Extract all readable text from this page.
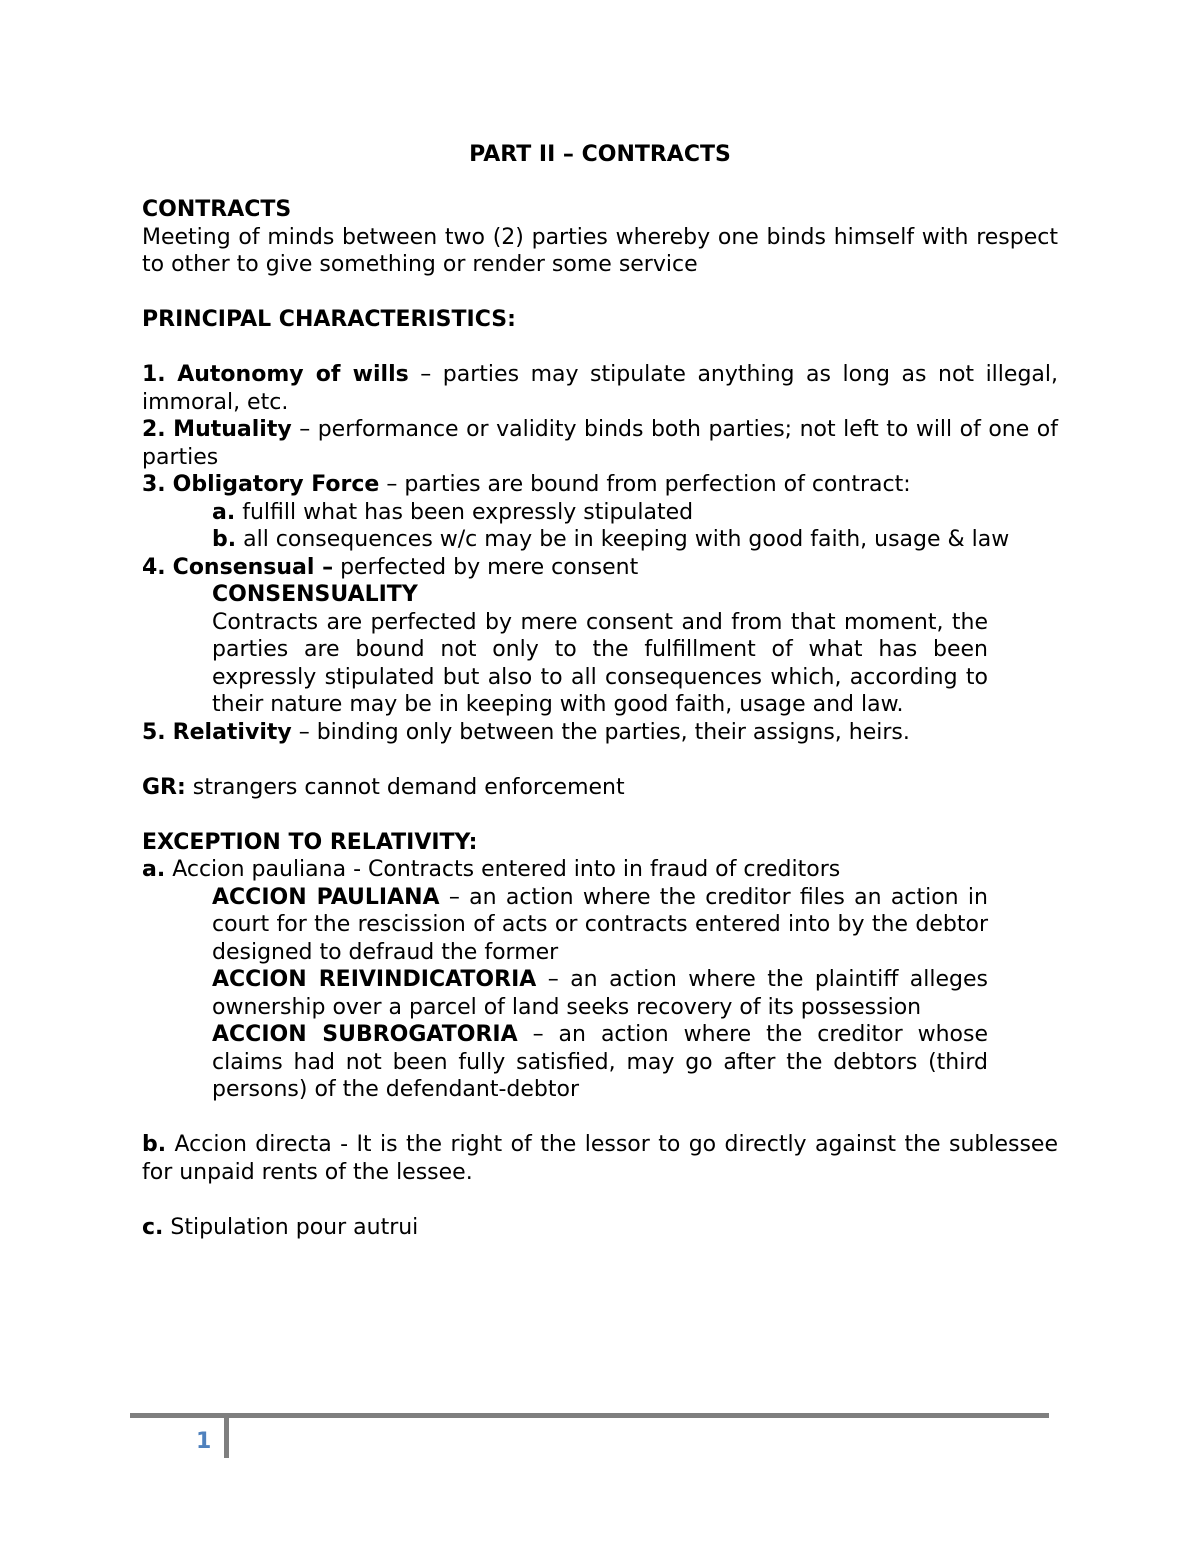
PART II – CONTRACTS

CONTRACTS

Meeting of minds between two (2) parties whereby one binds himself with respect to other to give something or render some service

PRINCIPAL CHARACTERISTICS:

1. Autonomy of wills – parties may stipulate anything as long as not illegal, immoral, etc.

2. Mutuality – performance or validity binds both parties; not left to will of one of parties

3. Obligatory Force – parties are bound from perfection of contract:

a. fulfill what has been expressly stipulated

b. all consequences w/c may be in keeping with good faith, usage & law

4. Consensual – perfected by mere consent

CONSENSUALITY

Contracts are perfected by mere consent and from that moment, the parties are bound not only to the fulfillment of what has been expressly stipulated but also to all consequences which, according to their nature may be in keeping with good faith, usage and law.

5. Relativity – binding only between the parties, their assigns, heirs.

GR: strangers cannot demand enforcement

EXCEPTION TO RELATIVITY:

a. Accion pauliana - Contracts entered into in fraud of creditors

ACCION PAULIANA – an action where the creditor files an action in court for the rescission of acts or contracts entered into by the debtor designed to defraud the former

ACCION REIVINDICATORIA – an action where the plaintiff alleges ownership over a parcel of land seeks recovery of its possession

ACCION SUBROGATORIA – an action where the creditor whose claims had not been fully satisfied, may go after the debtors (third persons) of the defendant-debtor

b. Accion directa - It is the right of the lessor to go directly against the sublessee for unpaid rents of the lessee.

c. Stipulation pour autrui

1
